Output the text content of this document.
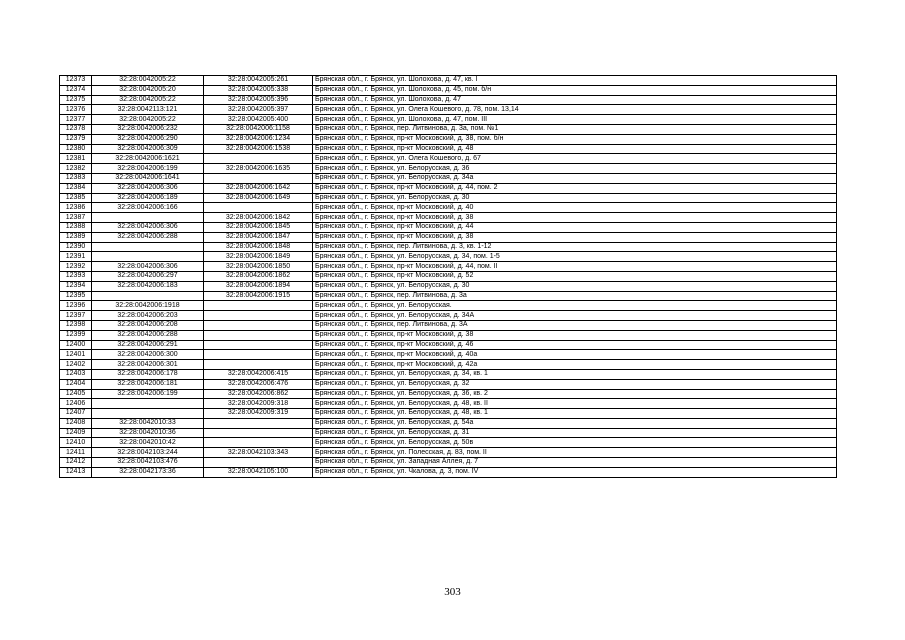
12373	32:28:0042005:22	32:28:0042005:261	Брянская обл., г. Брянск, ул. Шолохова, д. 47, кв. I
12374	32:28:0042005:20	32:28:0042005:338	Брянская обл., г. Брянск, ул. Шолохова, д. 45, пом. б/н
12375	32:28:0042005:22	32:28:0042005:396	Брянская обл., г. Брянск, ул. Шолохова, д. 47
12376	32:28:0042113:121	32:28:0042005:397	Брянская обл., г. Брянск, ул. Олега Кошевого, д. 78, пом. 13,14
12377	32:28:0042005:22	32:28:0042005:400	Брянская обл., г. Брянск, ул. Шолохова, д. 47, пом. III
12378	32:28:0042006:232	32:28:0042006:1158	Брянская обл., г. Брянск, пер. Литвинова, д. 3а, пом. №1
12379	32:28:0042006:290	32:28:0042006:1234	Брянская обл., г. Брянск, пр-кт Московский, д. 38, пом. б/н
12380	32:28:0042006:309	32:28:0042006:1538	Брянская обл., г. Брянск, пр-кт Московский, д. 48
12381	32:28:0042006:1621		Брянская обл., г. Брянск, ул. Олега Кошевого, д. 67
12382	32:28:0042006:199	32:28:0042006:1635	Брянская обл., г. Брянск, ул. Белорусская, д. 36
12383	32:28:0042006:1641		Брянская обл., г. Брянск, ул. Белорусская, д. 34а
12384	32:28:0042006:306	32:28:0042006:1642	Брянская обл., г. Брянск, пр-кт Московский, д. 44, пом. 2
12385	32:28:0042006:189	32:28:0042006:1649	Брянская обл., г. Брянск, ул. Белорусская, д. 30
12386	32:28:0042006:166		Брянская обл., г. Брянск, пр-кт Московский, д. 40
12387		32:28:0042006:1842	Брянская обл., г. Брянск, пр-кт Московский, д. 38
12388	32:28:0042006:306	32:28:0042006:1845	Брянская обл., г. Брянск, пр-кт Московский, д. 44
12389	32:28:0042006:288	32:28:0042006:1847	Брянская обл., г. Брянск, пр-кт Московский, д. 38
12390		32:28:0042006:1848	Брянская обл., г. Брянск, пер. Литвинова, д. 3, кв. 1-12
12391		32:28:0042006:1849	Брянская обл., г. Брянск, ул. Белорусская, д. 34, пом. 1-5
12392	32:28:0042006:306	32:28:0042006:1850	Брянская обл., г. Брянск, пр-кт Московский, д. 44, пом. II
12393	32:28:0042006:297	32:28:0042006:1862	Брянская обл., г. Брянск, пр-кт Московский, д. 52
12394	32:28:0042006:183	32:28:0042006:1894	Брянская обл., г. Брянск, ул. Белорусская, д. 30
12395		32:28:0042006:1915	Брянская обл., г. Брянск, пер. Литвинова, д. 3а
12396	32:28:0042006:1918		Брянская обл., г. Брянск, ул. Белорусская.
12397	32:28:0042006:203		Брянская обл., г. Брянск, ул. Белорусская, д. 34А
12398	32:28:0042006:208		Брянская обл., г. Брянск, пер. Литвинова, д. 3А
12399	32:28:0042006:288		Брянская обл., г. Брянск, пр-кт Московский, д. 38
12400	32:28:0042006:291		Брянская обл., г. Брянск, пр-кт Московский, д. 46
12401	32:28:0042006:300		Брянская обл., г. Брянск, пр-кт Московский, д. 40а
12402	32:28:0042006:301		Брянская обл., г. Брянск, пр-кт Московский, д. 42а
12403	32:28:0042006:178	32:28:0042006:415	Брянская обл., г. Брянск, ул. Белорусская, д. 34, кв. 1
12404	32:28:0042006:181	32:28:0042006:476	Брянская обл., г. Брянск, ул. Белорусская, д. 32
12405	32:28:0042006:199	32:28:0042006:862	Брянская обл., г. Брянск, ул. Белорусская, д. 36, кв. 2
12406		32:28:0042009:318	Брянская обл., г. Брянск, ул. Белорусская, д. 48, кв. II
12407		32:28:0042009:319	Брянская обл., г. Брянск, ул. Белорусская, д. 48, кв. 1
12408	32:28:0042010:33		Брянская обл., г. Брянск, ул. Белорусская, д. 54а
12409	32:28:0042010:36		Брянская обл., г. Брянск, ул. Белорусская, д. 31
12410	32:28:0042010:42		Брянская обл., г. Брянск, ул. Белорусская, д. 50в
12411	32:28:0042103:244	32:28:0042103:343	Брянская обл., г. Брянск, ул. Полесская, д. 83, пом. II
12412	32:28:0042103:476		Брянская обл., г. Брянск, ул. Западная Аллея, д. 7
12413	32:28:0042173:36	32:28:0042105:100	Брянская обл., г. Брянск, ул. Чкалова, д. 3, пом. IV
303
